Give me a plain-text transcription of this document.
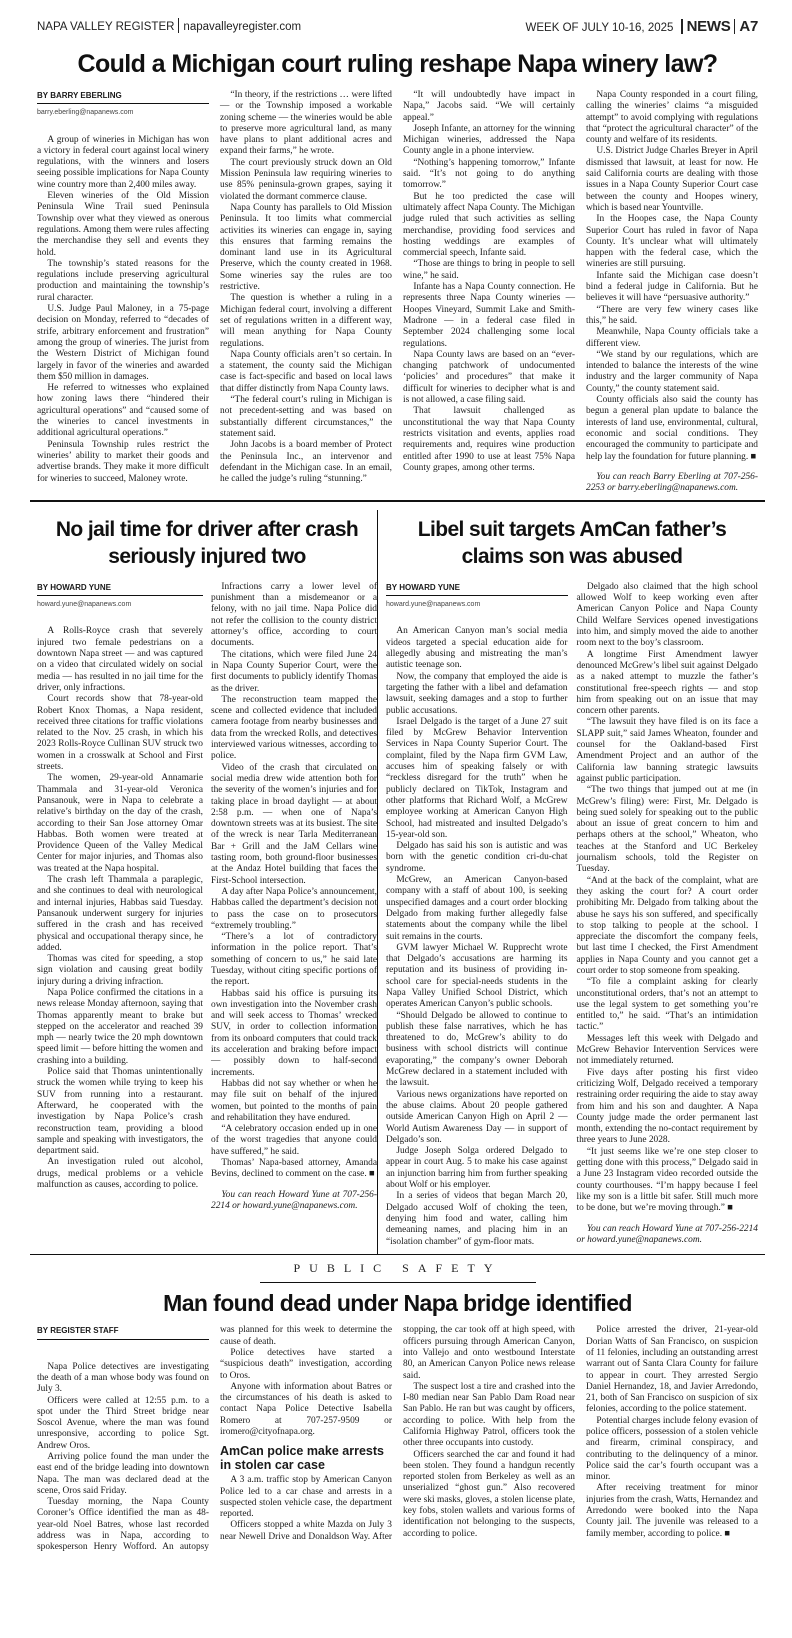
NAPA VALLEY REGISTER napavalleyregister.com	WEEK OF JULY 10-16, 2025 NEWS A7
Could a Michigan court ruling reshape Napa winery law?
BY BARRY EBERLING
barry.eberling@napanews.com

A group of wineries in Michigan has won a victory in federal court against local winery regulations, with the winners and losers seeing possible implications for Napa County wine country more than 2,400 miles away.

Eleven wineries of the Old Mission Peninsula Wine Trail sued Peninsula Township over what they viewed as onerous regulations. Among them were rules affecting the merchandise they sell and events they hold.

The township’s stated reasons for the regulations include preserving agricultural production and maintaining the township’s rural character.

U.S. Judge Paul Maloney, in a 75-page decision on Monday, referred to “decades of strife, arbitrary enforcement and frustration” among the group of wineries. The jurist from the Western District of Michigan found largely in favor of the wineries and awarded them $50 million in damages.

He referred to witnesses who explained how zoning laws there “hindered their agricultural operations” and “caused some of the wineries to cancel investments in additional agricultural operations.”

Peninsula Township rules restrict the wineries’ ability to market their goods and advertise brands. They make it more difficult for wineries to succeed, Maloney wrote.

“In theory, if the restrictions … were lifted — or the Township imposed a workable zoning scheme — the wineries would be able to preserve more agricultural land, as many have plans to plant additional acres and expand their farms,” he wrote.

The court previously struck down an Old Mission Peninsula law requiring wineries to use 85% peninsula-grown grapes, saying it violated the dormant commerce clause.

Napa County has parallels to Old Mission Peninsula. It too limits what commercial activities its wineries can engage in, saying this ensures that farming remains the dominant land use in its Agricultural Preserve, which the county created in 1968. Some wineries say the rules are too restrictive.

The question is whether a ruling in a Michigan federal court, involving a different set of regulations written in a different way, will mean anything for Napa County regulations.

Napa County officials aren’t so certain. In a statement, the county said the Michigan case is fact-specific and based on local laws that differ distinctly from Napa County laws.

“The federal court’s ruling in Michigan is not precedent-setting and was based on substantially different circumstances,” the statement said.

John Jacobs is a board member of Protect the Peninsula Inc., an intervenor and defendant in the Michigan case. In an email, he called the judge’s ruling “stunning.”

“It will undoubtedly have impact in Napa,” Jacobs said. “We will certainly appeal.”

Joseph Infante, an attorney for the winning Michigan wineries, addressed the Napa County angle in a phone interview.

“Nothing’s happening tomorrow,” Infante said. “It’s not going to do anything tomorrow.”

But he too predicted the case will ultimately affect Napa County. The Michigan judge ruled that such activities as selling merchandise, providing food services and hosting weddings are examples of commercial speech, Infante said.

“Those are things to bring in people to sell wine,” he said.

Infante has a Napa County connection. He represents three Napa County wineries — Hoopes Vineyard, Summit Lake and Smith-Madrone — in a federal case filed in September 2024 challenging some local regulations.

Napa County laws are based on an “ever-changing patchwork of undocumented ‘policies’ and procedures” that make it difficult for wineries to decipher what is and is not allowed, a case filing said.

That lawsuit challenged as unconstitutional the way that Napa County restricts visitation and events, applies road requirements and, requires wine production entitled after 1990 to use at least 75% Napa County grapes, among other terms.

Napa County responded in a court filing, calling the wineries’ claims “a misguided attempt” to avoid complying with regulations that “protect the agricultural character” of the county and welfare of its residents.

U.S. District Judge Charles Breyer in April dismissed that lawsuit, at least for now. He said California courts are dealing with those issues in a Napa County Superior Court case between the county and Hoopes winery, which is based near Yountville.

In the Hoopes case, the Napa County Superior Court has ruled in favor of Napa County. It’s unclear what will ultimately happen with the federal case, which the wineries are still pursuing.

Infante said the Michigan case doesn’t bind a federal judge in California. But he believes it will have “persuasive authority.”

“There are very few winery cases like this,” he said.

Meanwhile, Napa County officials take a different view.

“We stand by our regulations, which are intended to balance the interests of the wine industry and the larger community of Napa County,” the county statement said.

County officials also said the county has begun a general plan update to balance the interests of land use, environmental, cultural, economic and social conditions. They encouraged the community to participate and help lay the foundation for future planning. ■

You can reach Barry Eberling at 707-256-2253 or barry.eberling@napanews.com.

No jail time for driver after crash seriously injured two
BY HOWARD YUNE
howard.yune@napanews.com

A Rolls-Royce crash that severely injured two female pedestrians on a downtown Napa street — and was captured on a video that circulated widely on social media — has resulted in no jail time for the driver, only infractions.

Court records show that 78-year-old Robert Knox Thomas, a Napa resident, received three citations for traffic violations related to the Nov. 25 crash, in which his 2023 Rolls-Royce Cullinan SUV struck two women in a crosswalk at School and First streets.

The women, 29-year-old Annamarie Thammala and 31-year-old Veronica Pansanouk, were in Napa to celebrate a relative’s birthday on the day of the crash, according to their San Jose attorney Omar Habbas. Both women were treated at Providence Queen of the Valley Medical Center for major injuries, and Thomas also was treated at the Napa hospital.

The crash left Thammala a paraplegic, and she continues to deal with neurological and internal injuries, Habbas said Tuesday. Pansanouk underwent surgery for injuries suffered in the crash and has received physical and occupational therapy since, he added.

Thomas was cited for speeding, a stop sign violation and causing great bodily injury during a driving infraction.

Napa Police confirmed the citations in a news release Monday afternoon, saying that Thomas apparently meant to brake but stepped on the accelerator and reached 39 mph — nearly twice the 20 mph downtown speed limit — before hitting the women and crashing into a building.

Police said that Thomas unintentionally struck the women while trying to keep his SUV from running into a restaurant. Afterward, he cooperated with the investigation by Napa Police’s crash reconstruction team, providing a blood sample and speaking with investigators, the department said.

An investigation ruled out alcohol, drugs, medical problems or a vehicle malfunction as causes, according to police.

Infractions carry a lower level of punishment than a misdemeanor or a felony, with no jail time. Napa Police did not refer the collision to the county district attorney’s office, according to court documents.

The citations, which were filed June 24 in Napa County Superior Court, were the first documents to publicly identify Thomas as the driver.

The reconstruction team mapped the scene and collected evidence that included camera footage from nearby businesses and data from the wrecked Rolls, and detectives interviewed various witnesses, according to police.

Video of the crash that circulated on social media drew wide attention both for the severity of the women’s injuries and for taking place in broad daylight — at about 2:58 p.m. — when one of Napa’s downtown streets was at its busiest. The site of the wreck is near Tarla Mediterranean Bar + Grill and the JaM Cellars wine tasting room, both ground-floor businesses at the Andaz Hotel building that faces the First-School intersection.

A day after Napa Police’s announcement, Habbas called the department’s decision not to pass the case on to prosecutors “extremely troubling.”

“There’s a lot of contradictory information in the police report. That’s something of concern to us,” he said late Tuesday, without citing specific portions of the report.

Habbas said his office is pursuing its own investigation into the November crash and will seek access to Thomas’ wrecked SUV, in order to collection information from its onboard computers that could track its acceleration and braking before impact — possibly down to half-second increments.

Habbas did not say whether or when he may file suit on behalf of the injured women, but pointed to the months of pain and rehabilitation they have endured.

“A celebratory occasion ended up in one of the worst tragedies that anyone could have suffered,” he said.

Thomas’ Napa-based attorney, Amanda Bevins, declined to comment on the case. ■

You can reach Howard Yune at 707-256-2214 or howard.yune@napanews.com.

Libel suit targets AmCan father’s claims son was abused
BY HOWARD YUNE
howard.yune@napanews.com

An American Canyon man’s social media videos targeted a special education aide for allegedly abusing and mistreating the man’s autistic teenage son.

Now, the company that employed the aide is targeting the father with a libel and defamation lawsuit, seeking damages and a stop to further public accusations.

Israel Delgado is the target of a June 27 suit filed by McGrew Behavior Intervention Services in Napa County Superior Court. The complaint, filed by the Napa firm GVM Law, accuses him of speaking falsely or with “reckless disregard for the truth” when he publicly declared on TikTok, Instagram and other platforms that Richard Wolf, a McGrew employee working at American Canyon High School, had mistreated and insulted Delgado’s 15-year-old son.

Delgado has said his son is autistic and was born with the genetic condition cri-du-chat syndrome.

McGrew, an American Canyon-based company with a staff of about 100, is seeking unspecified damages and a court order blocking Delgado from making further allegedly false statements about the company while the libel suit remains in the courts.

GVM lawyer Michael W. Rupprecht wrote that Delgado’s accusations are harming its reputation and its business of providing in-school care for special-needs students in the Napa Valley Unified School District, which operates American Canyon’s public schools.

“Should Delgado be allowed to continue to publish these false narratives, which he has threatened to do, McGrew’s ability to do business with school districts will continue evaporating,” the company’s owner Deborah McGrew declared in a statement included with the lawsuit.

Various news organizations have reported on the abuse claims. About 20 people gathered outside American Canyon High on April 2 — World Autism Awareness Day — in support of Delgado’s son.

Judge Joseph Solga ordered Delgado to appear in court Aug. 5 to make his case against an injunction barring him from further speaking about Wolf or his employer.

In a series of videos that began March 20, Delgado accused Wolf of choking the teen, denying him food and water, calling him demeaning names, and placing him in an “isolation chamber” of gym-floor mats.

Delgado also claimed that the high school allowed Wolf to keep working even after American Canyon Police and Napa County Child Welfare Services opened investigations into him, and simply moved the aide to another room next to the boy’s classroom.

A longtime First Amendment lawyer denounced McGrew’s libel suit against Delgado as a naked attempt to muzzle the father’s constitutional free-speech rights — and stop him from speaking out on an issue that may concern other parents.

“The lawsuit they have filed is on its face a SLAPP suit,” said James Wheaton, founder and counsel for the Oakland-based First Amendment Project and an author of the California law banning strategic lawsuits against public participation.

“The two things that jumped out at me (in McGrew’s filing) were: First, Mr. Delgado is being sued solely for speaking out to the public about an issue of great concern to him and perhaps others at the school,” Wheaton, who teaches at the Stanford and UC Berkeley journalism schools, told the Register on Tuesday.

“And at the back of the complaint, what are they asking the court for? A court order prohibiting Mr. Delgado from talking about the abuse he says his son suffered, and specifically to stop talking to people at the school. I appreciate the discomfort the company feels, but last time I checked, the First Amendment applies in Napa County and you cannot get a court order to stop someone from speaking.

“To file a complaint asking for clearly unconstitutional orders, that’s not an attempt to use the legal system to get something you’re entitled to,” he said. “That’s an intimidation tactic.”

Messages left this week with Delgado and McGrew Behavior Intervention Services were not immediately returned.

Five days after posting his first video criticizing Wolf, Delgado received a temporary restraining order requiring the aide to stay away from him and his son and daughter. A Napa County judge made the order permanent last month, extending the no-contact requirement by three years to June 2028.

“It just seems like we’re one step closer to getting done with this process,” Delgado said in a June 23 Instagram video recorded outside the county courthouses. “I’m happy because I feel like my son is a little bit safer. Still much more to be done, but we’re moving through.” ■

You can reach Howard Yune at 707-256-2214 or howard.yune@napanews.com.

PUBLIC SAFETY
Man found dead under Napa bridge identified
BY REGISTER STAFF

Napa Police detectives are investigating the death of a man whose body was found on July 3.

Officers were called at 12:55 p.m. to a spot under the Third Street bridge near Soscol Avenue, where the man was found unresponsive, according to police Sgt. Andrew Oros.

Arriving police found the man under the east end of the bridge leading into downtown Napa. The man was declared dead at the scene, Oros said Friday.

Tuesday morning, the Napa County Coroner’s Office identified the man as 48-year-old Noel Batres, whose last recorded address was in Napa, according to spokesperson Henry Wofford. An autopsy was planned for this week to determine the cause of death.

Police detectives have started a “suspicious death” investigation, according to Oros.

Anyone with information about Batres or the circumstances of his death is asked to contact Napa Police Detective Isabella Romero at 707-257-9509 or iromero@cityofnapa.org.

AmCan police make arrests in stolen car case

A 3 a.m. traffic stop by American Canyon Police led to a car chase and arrests in a suspected stolen vehicle case, the department reported.

Officers stopped a white Mazda on July 3 near Newell Drive and Donaldson Way. After stopping, the car took off at high speed, with officers pursuing through American Canyon, into Vallejo and onto westbound Interstate 80, an American Canyon Police news release said.

The suspect lost a tire and crashed into the I-80 median near San Pablo Dam Road near San Pablo. He ran but was caught by officers, according to police. With help from the California Highway Patrol, officers took the other three occupants into custody.

Officers searched the car and found it had been stolen. They found a handgun recently reported stolen from Berkeley as well as an unserialized “ghost gun.” Also recovered were ski masks, gloves, a stolen license plate, key fobs, stolen wallets and various forms of identification not belonging to the suspects, according to police.

Police arrested the driver, 21-year-old Dorian Watts of San Francisco, on suspicion of 11 felonies, including an outstanding arrest warrant out of Santa Clara County for failure to appear in court. They arrested Sergio Daniel Hernandez, 18, and Javier Arredondo, 21, both of San Francisco on suspicion of six felonies, according to the police statement.

Potential charges include felony evasion of police officers, possession of a stolen vehicle and firearm, criminal conspiracy, and contributing to the delinquency of a minor. Police said the car’s fourth occupant was a minor.

After receiving treatment for minor injuries from the crash, Watts, Hernandez and Arredondo were booked into the Napa County jail. The juvenile was released to a family member, according to police. ■
